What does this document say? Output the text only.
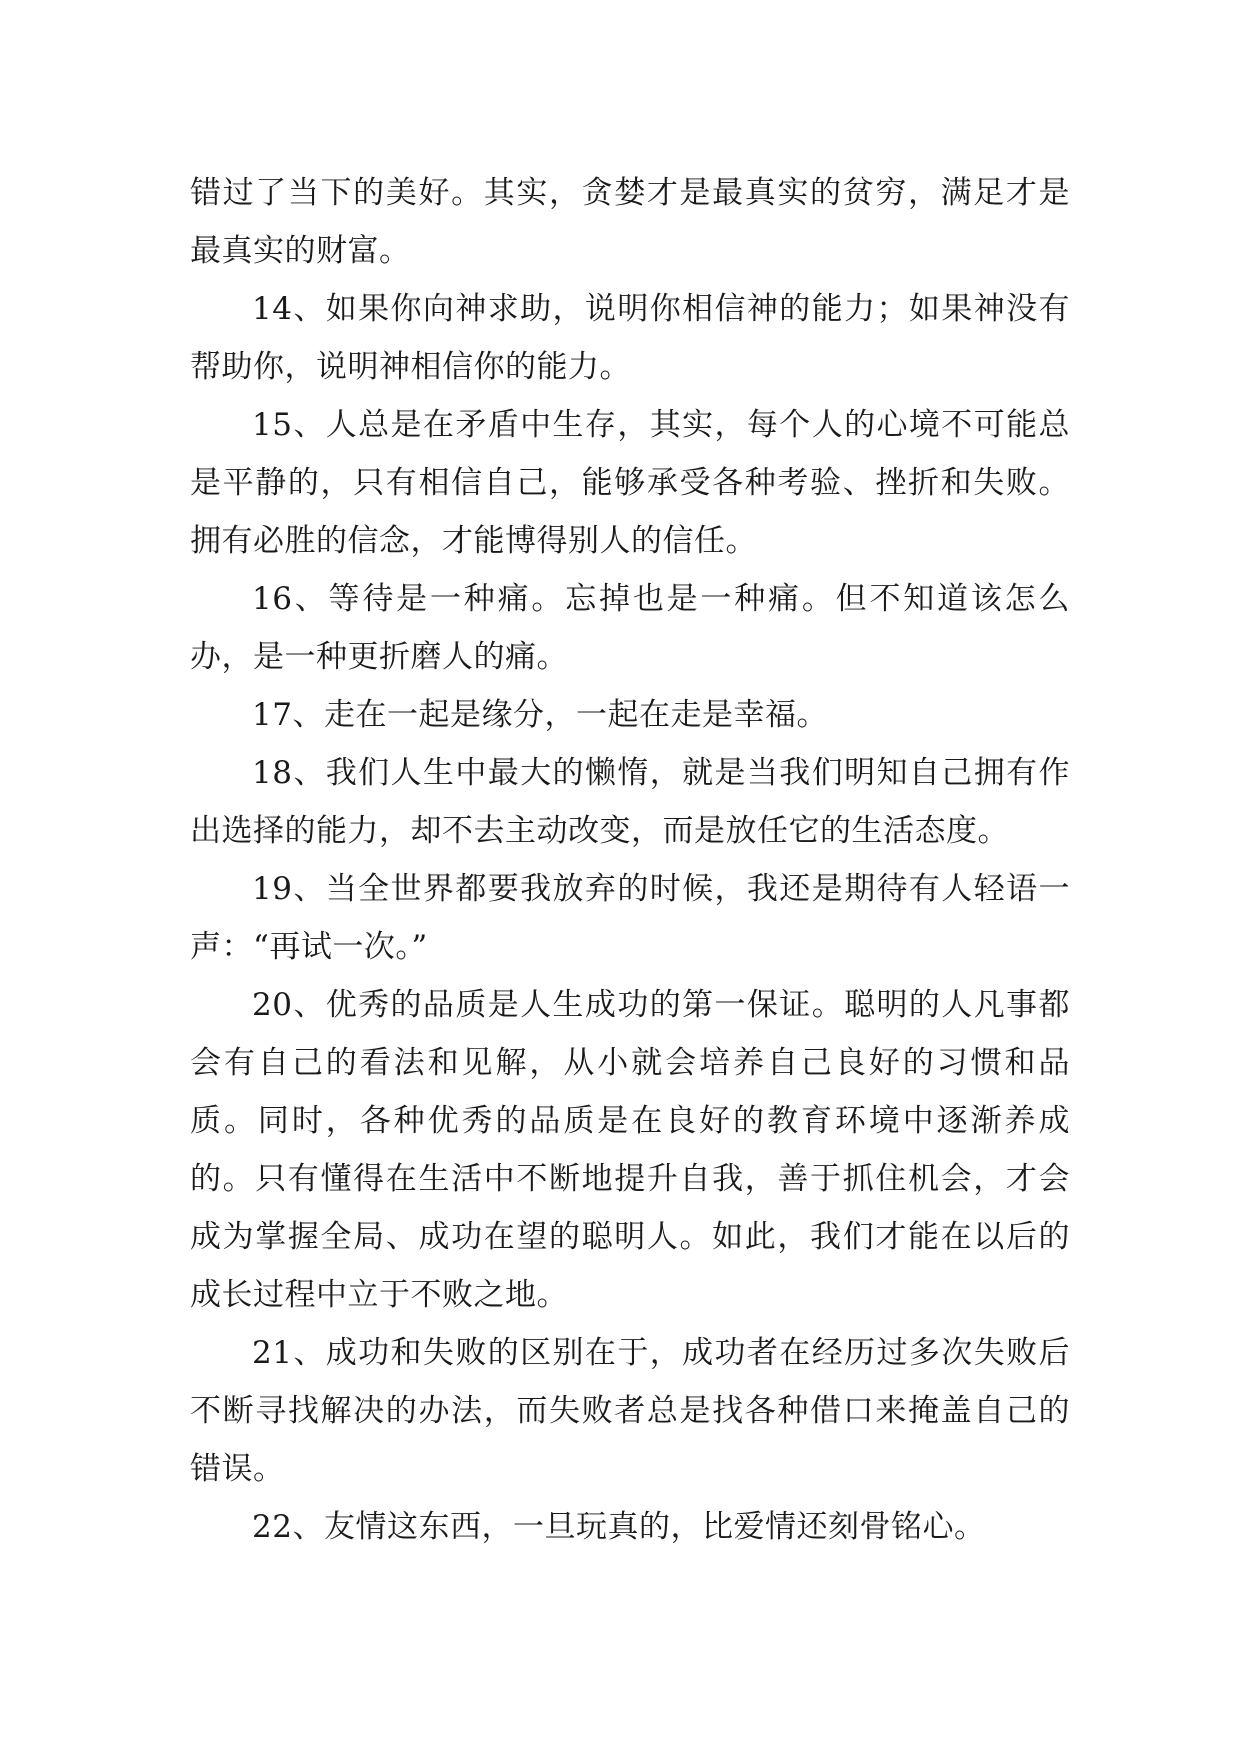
错过了当下的美好。其实，贪婪才是最真实的贫穷，满足才是最真实的财富。

14、如果你向神求助，说明你相信神的能力；如果神没有帮助你，说明神相信你的能力。

15、人总是在矛盾中生存，其实，每个人的心境不可能总是平静的，只有相信自己，能够承受各种考验、挫折和失败。拥有必胜的信念，才能博得别人的信任。

16、等待是一种痛。忘掉也是一种痛。但不知道该怎么办，是一种更折磨人的痛。

17、走在一起是缘分，一起在走是幸福。

18、我们人生中最大的懒惰，就是当我们明知自己拥有作出选择的能力，却不去主动改变，而是放任它的生活态度。

19、当全世界都要我放弃的时候，我还是期待有人轻语一声：“再试一次。”

20、优秀的品质是人生成功的第一保证。聪明的人凡事都会有自己的看法和见解，从小就会培养自己良好的习惯和品质。同时，各种优秀的品质是在良好的教育环境中逐渐养成的。只有懂得在生活中不断地提升自我，善于抓住机会，才会成为掌握全局、成功在望的聪明人。如此，我们才能在以后的成长过程中立于不败之地。

21、成功和失败的区别在于，成功者在经历过多次失败后不断寻找解决的办法，而失败者总是找各种借口来掩盖自己的错误。

22、友情这东西，一旦玩真的，比爱情还刻骨铭心。
